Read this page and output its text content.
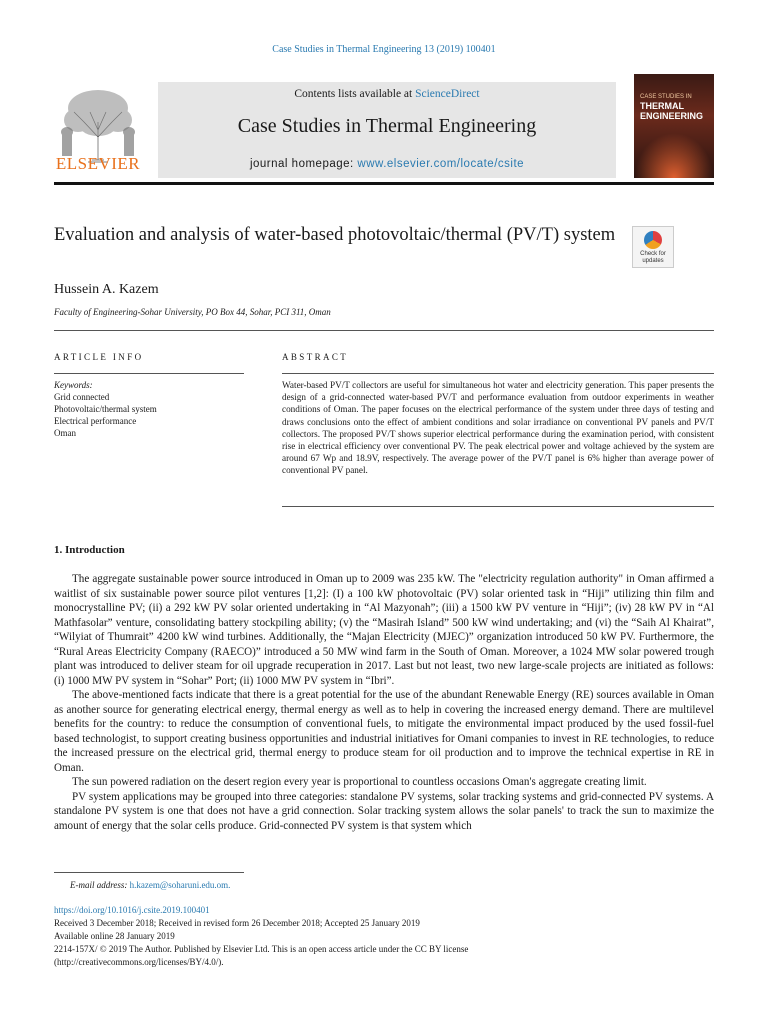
Case Studies in Thermal Engineering 13 (2019) 100401
ELSEVIER
Contents lists available at ScienceDirect
Case Studies in Thermal Engineering
journal homepage: www.elsevier.com/locate/csite
CASE STUDIES IN
THERMAL
ENGINEERING
Evaluation and analysis of water-based photovoltaic/thermal (PV/T) system
Check for
updates
Hussein A. Kazem
Faculty of Engineering-Sohar University, PO Box 44, Sohar, PCI 311, Oman
ARTICLE INFO	ABSTRACT
Keywords:
Grid connected
Photovoltaic/thermal system
Electrical performance
Oman
Water-based PV/T collectors are useful for simultaneous hot water and electricity generation. This paper presents the design of a grid-connected water-based PV/T and performance evaluation from outdoor experiments in weather conditions of Oman. The paper focuses on the electrical performance of the system under three days of testing and draws conclusions onto the effect of ambient conditions and solar irradiance on conventional PV panels and PV/T collectors. The proposed PV/T shows superior electrical performance during the examination period, with consistent rise in electrical efficiency over conventional PV. The peak electrical power and voltage achieved by the system are around 67 Wp and 18.9V, respectively. The average power of the PV/T panel is 6% higher than average power of conventional PV panel.
1. Introduction

The aggregate sustainable power source introduced in Oman up to 2009 was 235 kW. The "electricity regulation authority" in Oman affirmed a waitlist of six sustainable power source pilot ventures [1,2]: (I) a 100 kW photovoltaic (PV) solar oriented task in “Hiji” utilizing thin film and monocrystalline PV; (ii) a 292 kW PV solar oriented undertaking in “Al Mazyonah”; (iii) a 1500 kW PV venture in “Hiji”; (iv) 28 kW PV in “Al Mathfasolar” venture, consolidating battery stockpiling ability; (v) the “Masirah Island” 500 kW wind undertaking; and (vi) the “Saih Al Khairat”, “Wilyiat of Thumrait” 4200 kW wind turbines. Additionally, the “Majan Electricity (MJEC)” organization introduced 50 kW PV. Furthermore, the “Rural Areas Electricity Company (RAECO)” introduced a 50 MW wind farm in the South of Oman. Moreover, a 1024 MW solar powered trough plant was introduced to deliver steam for oil upgrade recuperation in 2017. Last but not least, two new large-scale projects are initiated as follows: (i) 1000 MW PV system in “Sohar” Port; (ii) 1000 MW PV system in “Ibri”.

The above-mentioned facts indicate that there is a great potential for the use of the abundant Renewable Energy (RE) sources available in Oman as another source for generating electrical energy, thermal energy as well as to help in covering the increased energy demand. There are multilevel benefits for the country: to reduce the consumption of conventional fuels, to mitigate the environmental impact produced by the used fossil-fuel based technologist, to support creating business opportunities and industrial initiatives for Omani companies to invest in RE technologies, to reduce the increased pressure on the electrical grid, thermal energy to produce steam for oil production and to improve the technical expertise in RE in Oman.

The sun powered radiation on the desert region every year is proportional to countless occasions Oman's aggregate creating limit.

PV system applications may be grouped into three categories: standalone PV systems, solar tracking systems and grid-connected PV systems. A standalone PV system is one that does not have a grid connection. Solar tracking system allows the solar panels' to track the sun to maximize the amount of energy that the solar cells produce. Grid-connected PV system is that system which

E-mail address: h.kazem@soharuni.edu.om.
https://doi.org/10.1016/j.csite.2019.100401
Received 3 December 2018; Received in revised form 26 December 2018; Accepted 25 January 2019
Available online 28 January 2019
2214-157X/ © 2019 The Author. Published by Elsevier Ltd. This is an open access article under the CC BY license
(http://creativecommons.org/licenses/BY/4.0/).
